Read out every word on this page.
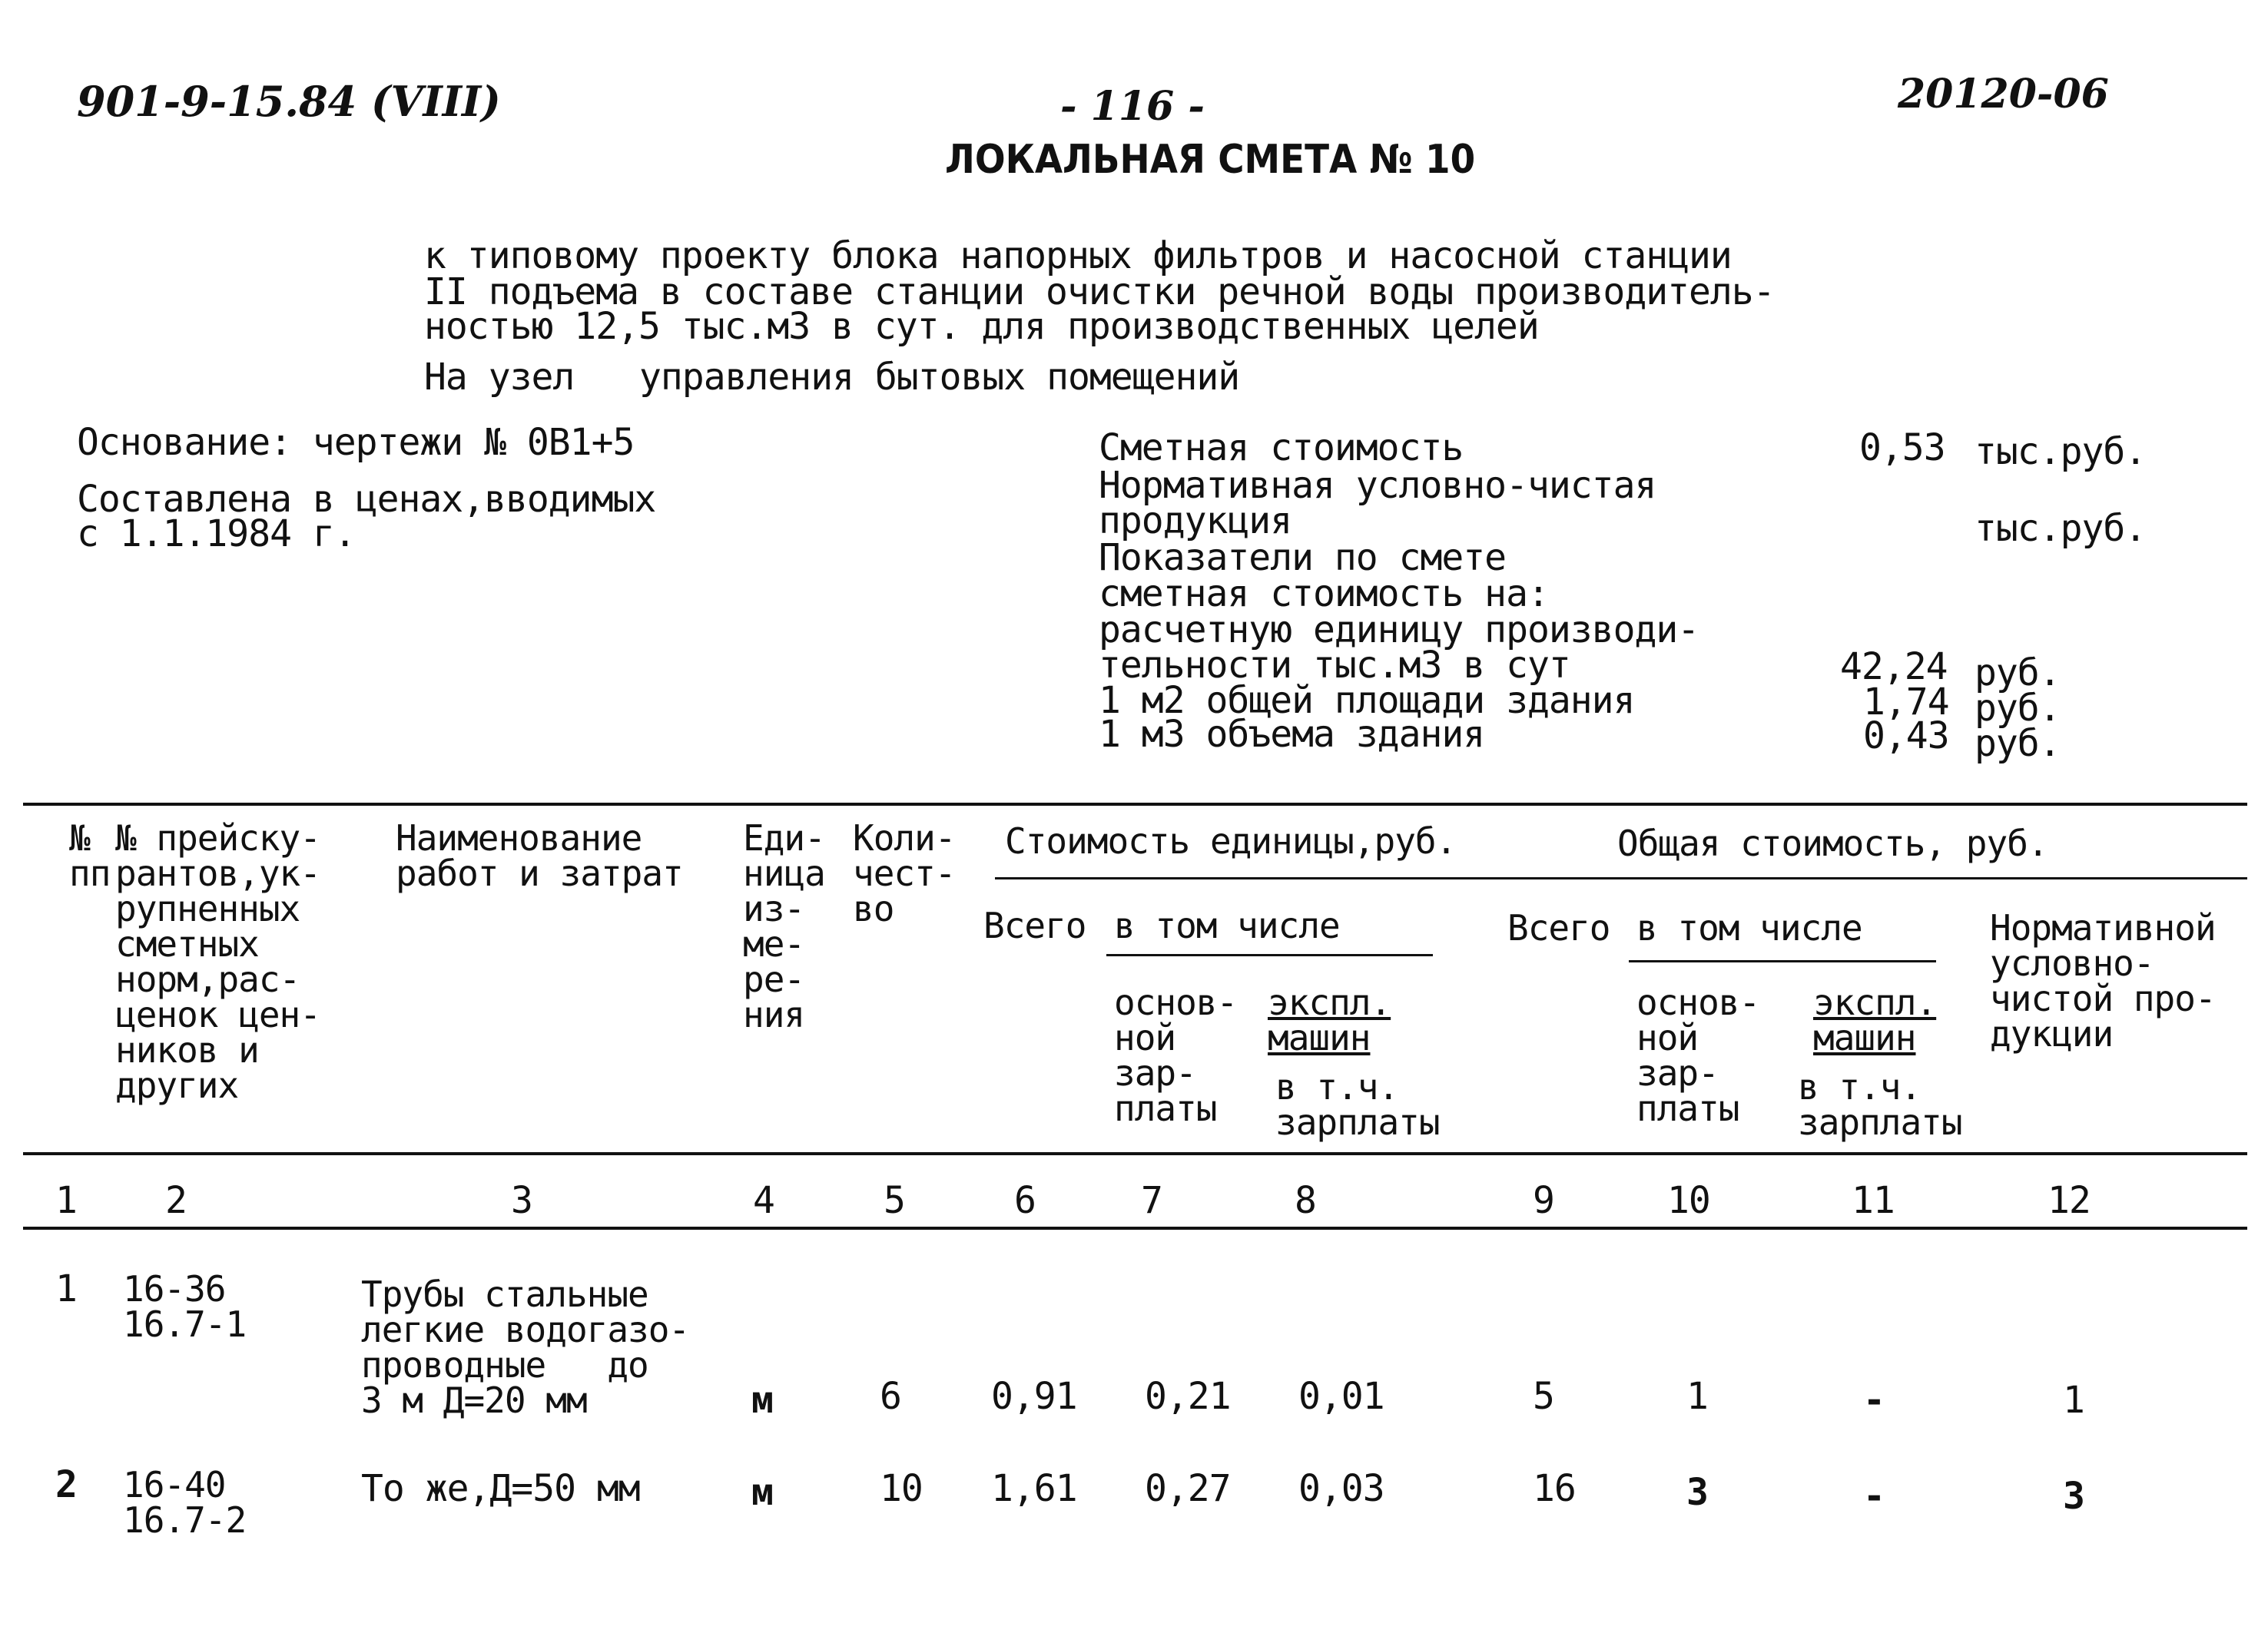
901-9-15.84 (VIII)	- 116 -	20120-06
ЛОКАЛЬНАЯ СМЕТА № 10
к типовому проекту блока напорных фильтров и насосной станции
II подъема в составе станции очистки речной воды производитель-
ностью 12,5 тыс.м3 в сут. для производственных целей
На узел управления бытовых помещений
Основание: чертежи № 0В1+5
Составлена в ценах,вводимых
с 1.1.1984 г.
Сметная стоимость	0,53 тыс.руб.
Нормативная условно-чистая
продукция	тыс.руб.
Показатели по смете
сметная стоимость на:
расчетную единицу производи-
тельности тыс.м3 в сут	42,24 руб.
1 м2 общей площади здания	1,74 руб.
1 м3 объема здания	0,43 руб.
№
пп
№ прейску-
рантов,ук-
рупненных
сметных
норм,рас-
ценок цен-
ников и
других
Наименование
работ и затрат
Еди-
ница
из-
ме-
ре-
ния
Коли-
чест-
во
Стоимость единицы,руб.	Общая стоимость, руб.
Всего в том числе	Всего в том числе	Нормативной
условно-
чистой про-
дукции
основ-
ной
зар-
платы
экспл.
машин
в т.ч.
зарплаты
основ-
ной
зар-
платы
экспл.
машин
в т.ч.
зарплаты
1 2	3	4	5	6	7	8	9	10	11	12
1 16-36
16.7-1
Трубы стальные
легкие водогазо-
проводные   до
3 м Д=20 мм	м	6 0,91 0,21 0,01	5	1	-	1
2 16-40
16.7-2
То же,Д=50 мм	м	10 1,61 0,27 0,03	16	3	-	3
